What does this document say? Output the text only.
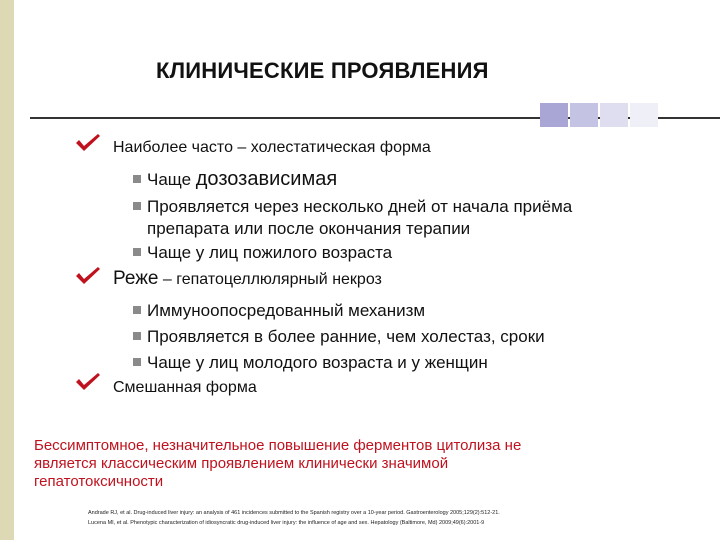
КЛИНИЧЕСКИЕ ПРОЯВЛЕНИЯ
Наиболее часто – холестатическая форма
Чаще дозозависимая
Проявляется через несколько дней от начала приёма
препарата или после окончания терапии
Чаще у лиц пожилого возраста
Реже – гепатоцеллюлярный некроз
Иммуноопосредованный механизм
Проявляется в более ранние, чем холестаз, сроки
Чаще у лиц молодого возраста и у женщин
Смешанная форма
Бессимптомное, незначительное повышение ферментов цитолиза не
является классическим проявлением клинически значимой
гепатотоксичности
Andrade RJ, et al. Drug-induced liver injury: an analysis of 461 incidences submitted to the Spanish registry over a 10-year period. Gastroenterology 2005;129(2):512-21.
Lucena MI, et al. Phenotypic characterization of idiosyncratic drug-induced liver injury: the influence of age and sex. Hepatology (Baltimore, Md) 2009;49(6):2001-9
